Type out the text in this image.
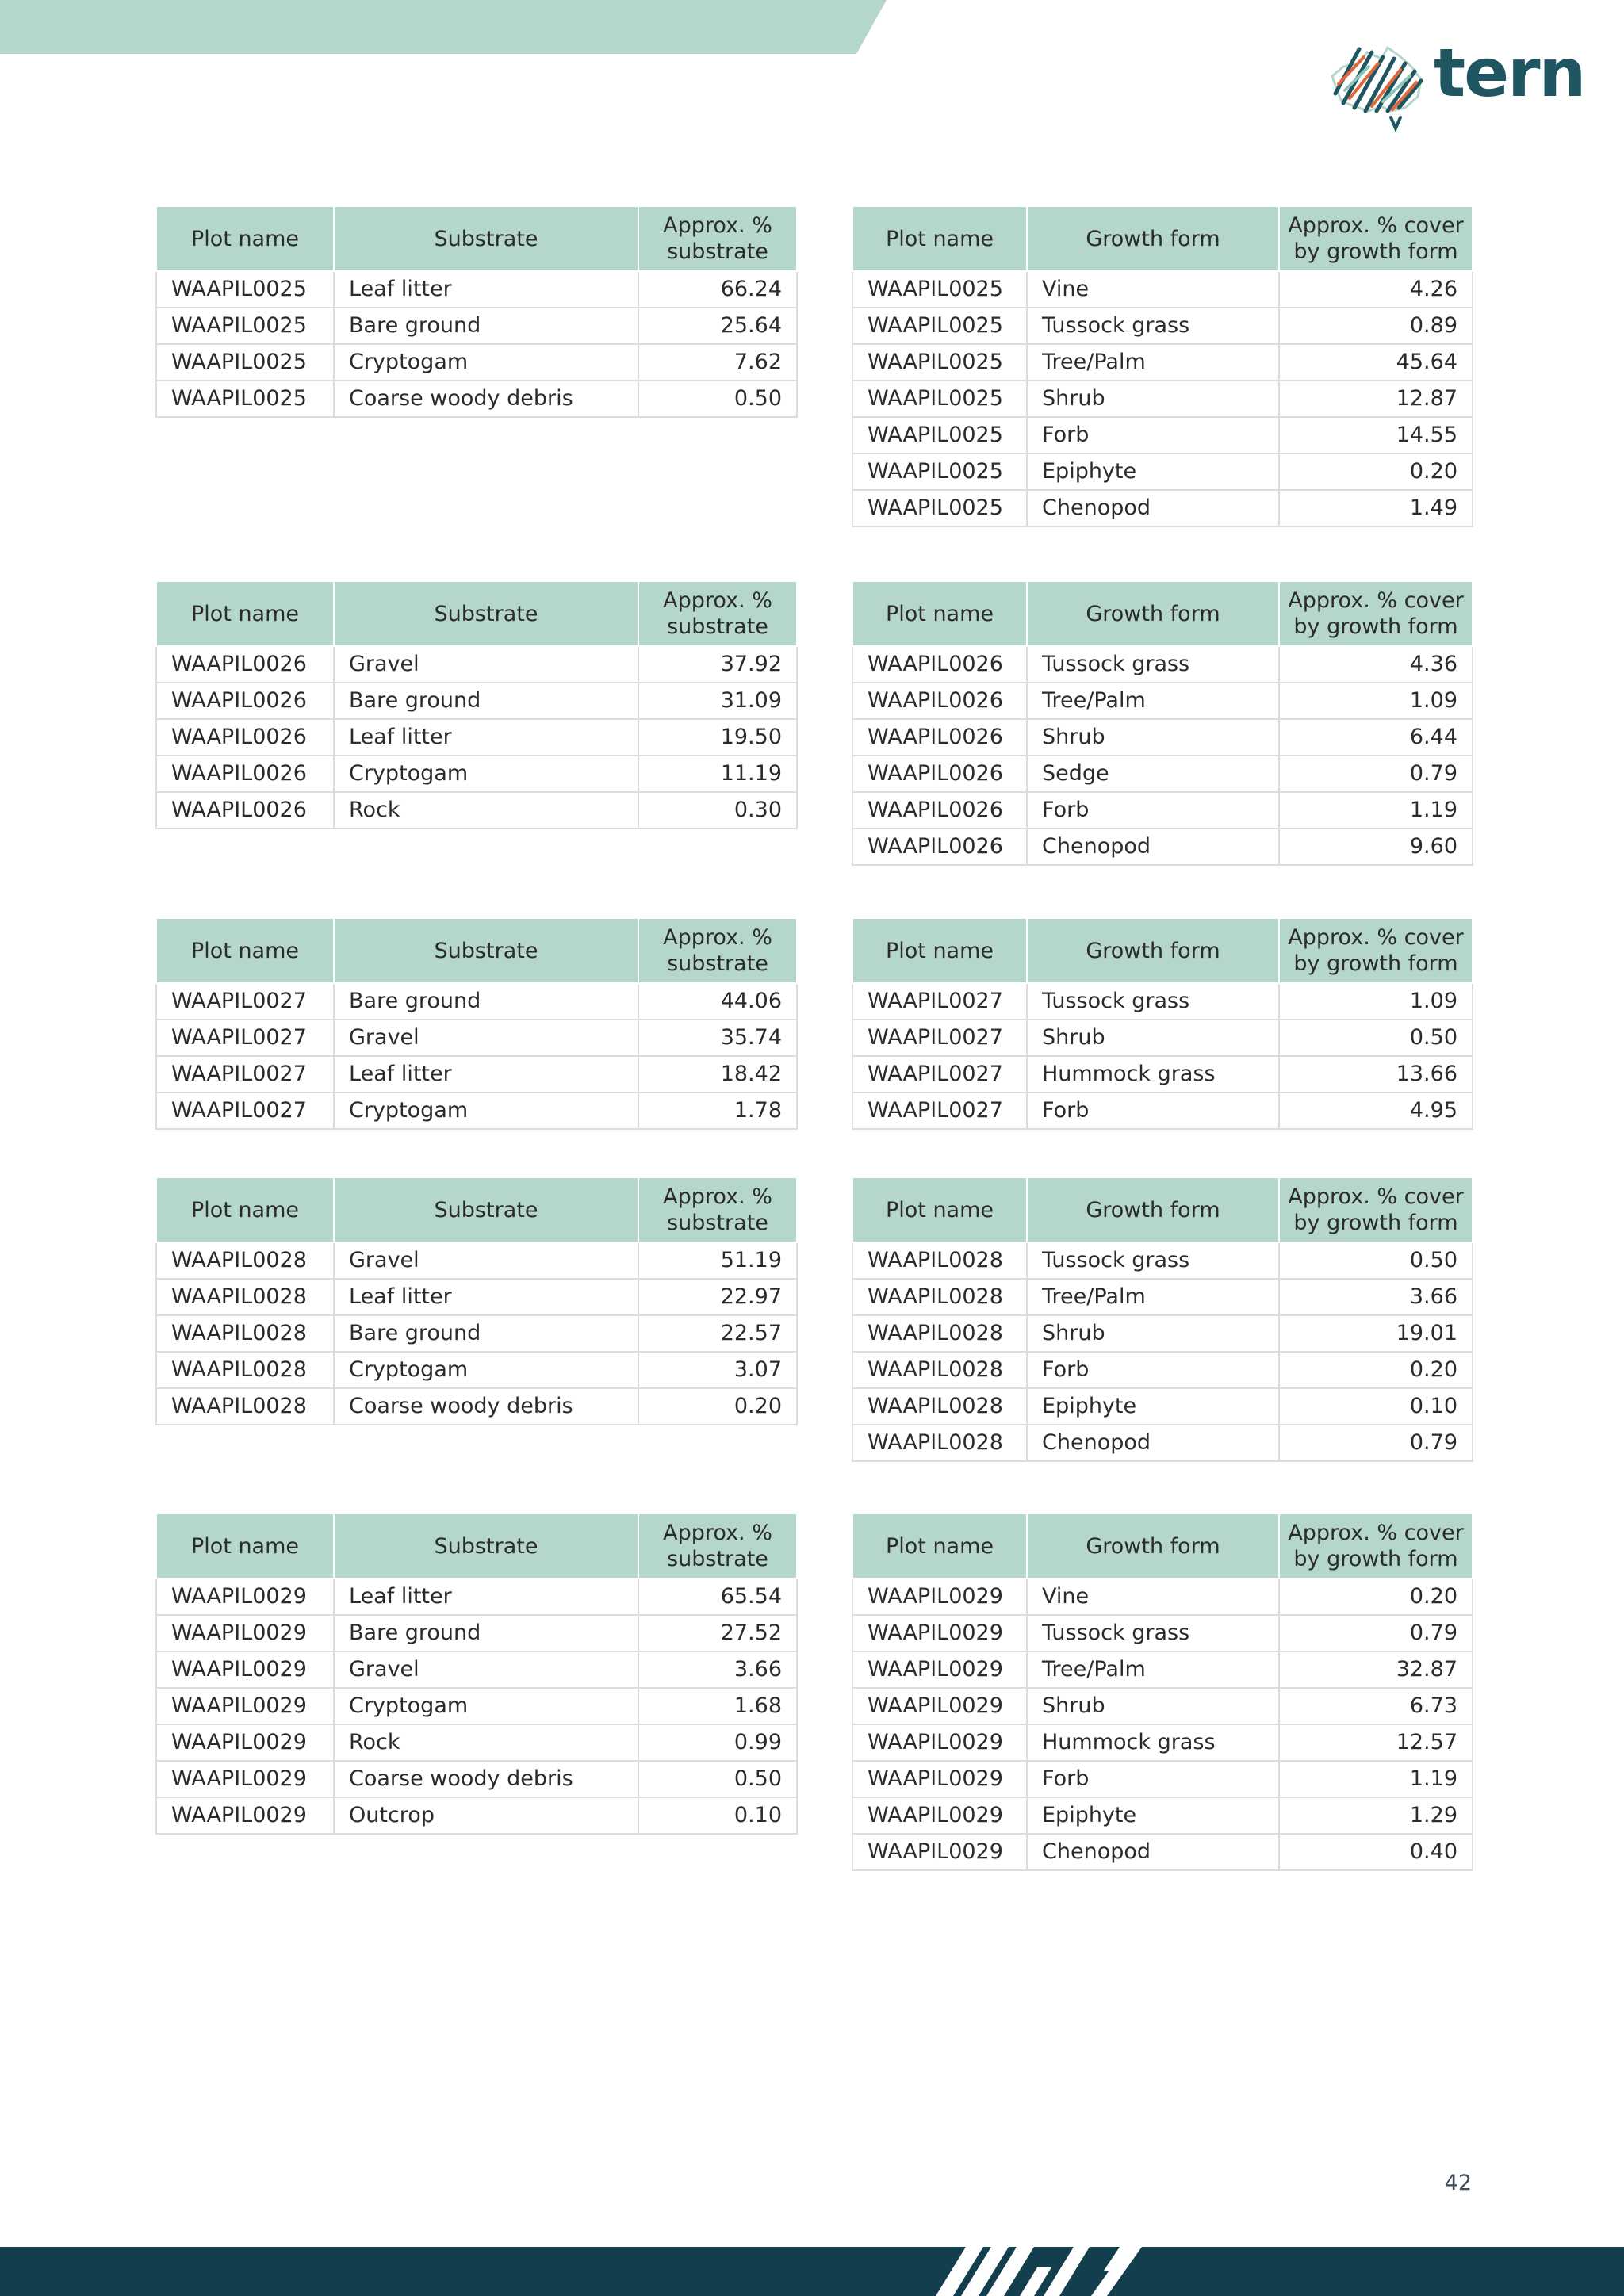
tern
Plot name	Substrate	Approx. % substrate
WAAPIL0025	Leaf litter	66.24
WAAPIL0025	Bare ground	25.64
WAAPIL0025	Cryptogam	7.62
WAAPIL0025	Coarse woody debris	0.50
Plot name	Growth form	Approx. % cover by growth form
WAAPIL0025	Vine	4.26
WAAPIL0025	Tussock grass	0.89
WAAPIL0025	Tree/Palm	45.64
WAAPIL0025	Shrub	12.87
WAAPIL0025	Forb	14.55
WAAPIL0025	Epiphyte	0.20
WAAPIL0025	Chenopod	1.49
Plot name	Substrate	Approx. % substrate
WAAPIL0026	Gravel	37.92
WAAPIL0026	Bare ground	31.09
WAAPIL0026	Leaf litter	19.50
WAAPIL0026	Cryptogam	11.19
WAAPIL0026	Rock	0.30
Plot name	Growth form	Approx. % cover by growth form
WAAPIL0026	Tussock grass	4.36
WAAPIL0026	Tree/Palm	1.09
WAAPIL0026	Shrub	6.44
WAAPIL0026	Sedge	0.79
WAAPIL0026	Forb	1.19
WAAPIL0026	Chenopod	9.60
Plot name	Substrate	Approx. % substrate
WAAPIL0027	Bare ground	44.06
WAAPIL0027	Gravel	35.74
WAAPIL0027	Leaf litter	18.42
WAAPIL0027	Cryptogam	1.78
Plot name	Growth form	Approx. % cover by growth form
WAAPIL0027	Tussock grass	1.09
WAAPIL0027	Shrub	0.50
WAAPIL0027	Hummock grass	13.66
WAAPIL0027	Forb	4.95
Plot name	Substrate	Approx. % substrate
WAAPIL0028	Gravel	51.19
WAAPIL0028	Leaf litter	22.97
WAAPIL0028	Bare ground	22.57
WAAPIL0028	Cryptogam	3.07
WAAPIL0028	Coarse woody debris	0.20
Plot name	Growth form	Approx. % cover by growth form
WAAPIL0028	Tussock grass	0.50
WAAPIL0028	Tree/Palm	3.66
WAAPIL0028	Shrub	19.01
WAAPIL0028	Forb	0.20
WAAPIL0028	Epiphyte	0.10
WAAPIL0028	Chenopod	0.79
Plot name	Substrate	Approx. % substrate
WAAPIL0029	Leaf litter	65.54
WAAPIL0029	Bare ground	27.52
WAAPIL0029	Gravel	3.66
WAAPIL0029	Cryptogam	1.68
WAAPIL0029	Rock	0.99
WAAPIL0029	Coarse woody debris	0.50
WAAPIL0029	Outcrop	0.10
Plot name	Growth form	Approx. % cover by growth form
WAAPIL0029	Vine	0.20
WAAPIL0029	Tussock grass	0.79
WAAPIL0029	Tree/Palm	32.87
WAAPIL0029	Shrub	6.73
WAAPIL0029	Hummock grass	12.57
WAAPIL0029	Forb	1.19
WAAPIL0029	Epiphyte	1.29
WAAPIL0029	Chenopod	0.40
42
